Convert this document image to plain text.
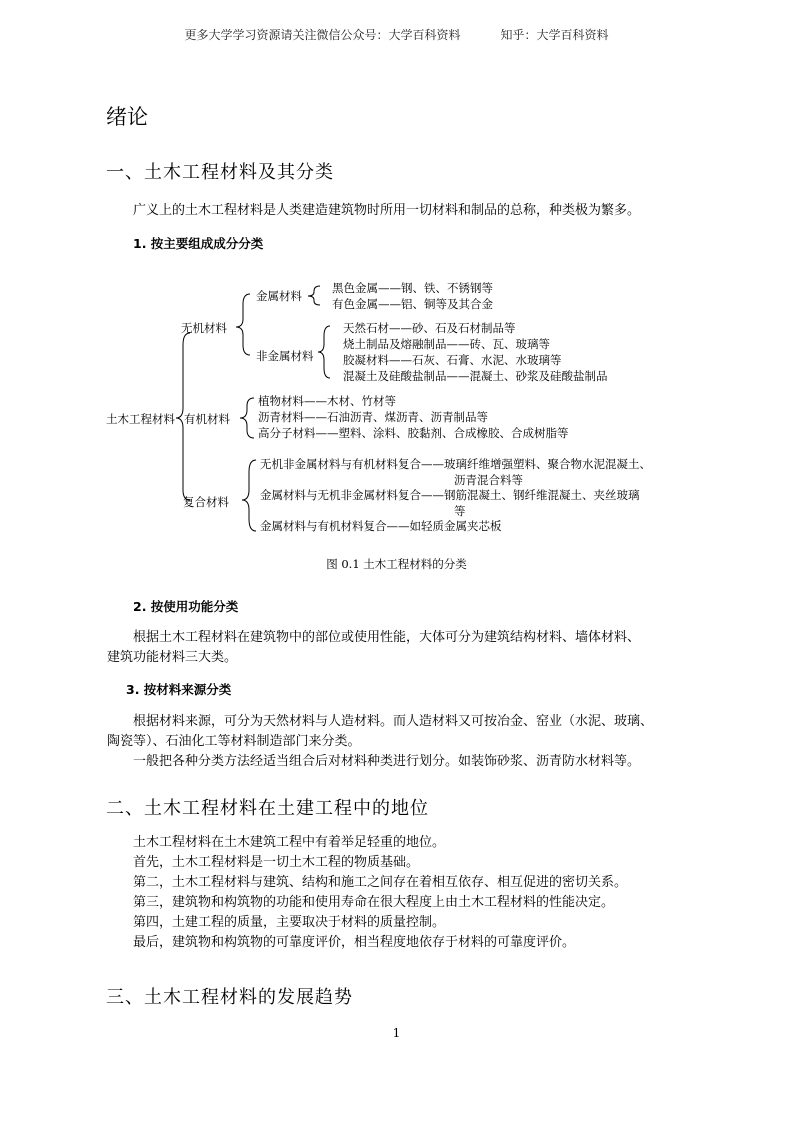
更多大学学习资源请关注微信公众号：大学百科资料	知乎：大学百科资料
绪论
一、土木工程材料及其分类
广义上的土木工程材料是人类建造建筑物时所用一切材料和制品的总称，种类极为繁多。
1. 按主要组成成分分类
土木工程材料
无机材料
金属材料
黑色金属——钢、铁、不锈钢等
有色金属——铝、铜等及其合金
非金属材料
天然石材——砂、石及石材制品等
烧土制品及熔融制品——砖、瓦、玻璃等
胶凝材料——石灰、石膏、水泥、水玻璃等
混凝土及硅酸盐制品——混凝土、砂浆及硅酸盐制品
有机材料
植物材料——木材、竹材等
沥青材料——石油沥青、煤沥青、沥青制品等
高分子材料——塑料、涂料、胶黏剂、合成橡胶、合成树脂等
复合材料
无机非金属材料与有机材料复合——玻璃纤维增强塑料、聚合物水泥混凝土、
沥青混合料等
金属材料与无机非金属材料复合——钢筋混凝土、钢纤维混凝土、夹丝玻璃
等
金属材料与有机材料复合——如轻质金属夹芯板
图 0.1 土木工程材料的分类
2. 按使用功能分类
根据土木工程材料在建筑物中的部位或使用性能，大体可分为建筑结构材料、墙体材料、
建筑功能材料三大类。
3. 按材料来源分类
根据材料来源，可分为天然材料与人造材料。而人造材料又可按冶金、窑业（水泥、玻璃、
陶瓷等）、石油化工等材料制造部门来分类。
一般把各种分类方法经适当组合后对材料种类进行划分。如装饰砂浆、沥青防水材料等。
二、土木工程材料在土建工程中的地位
土木工程材料在土木建筑工程中有着举足轻重的地位。
首先，土木工程材料是一切土木工程的物质基础。
第二，土木工程材料与建筑、结构和施工之间存在着相互依存、相互促进的密切关系。
第三，建筑物和构筑物的功能和使用寿命在很大程度上由土木工程材料的性能决定。
第四，土建工程的质量，主要取决于材料的质量控制。
最后，建筑物和构筑物的可靠度评价，相当程度地依存于材料的可靠度评价。
三、土木工程材料的发展趋势
1
